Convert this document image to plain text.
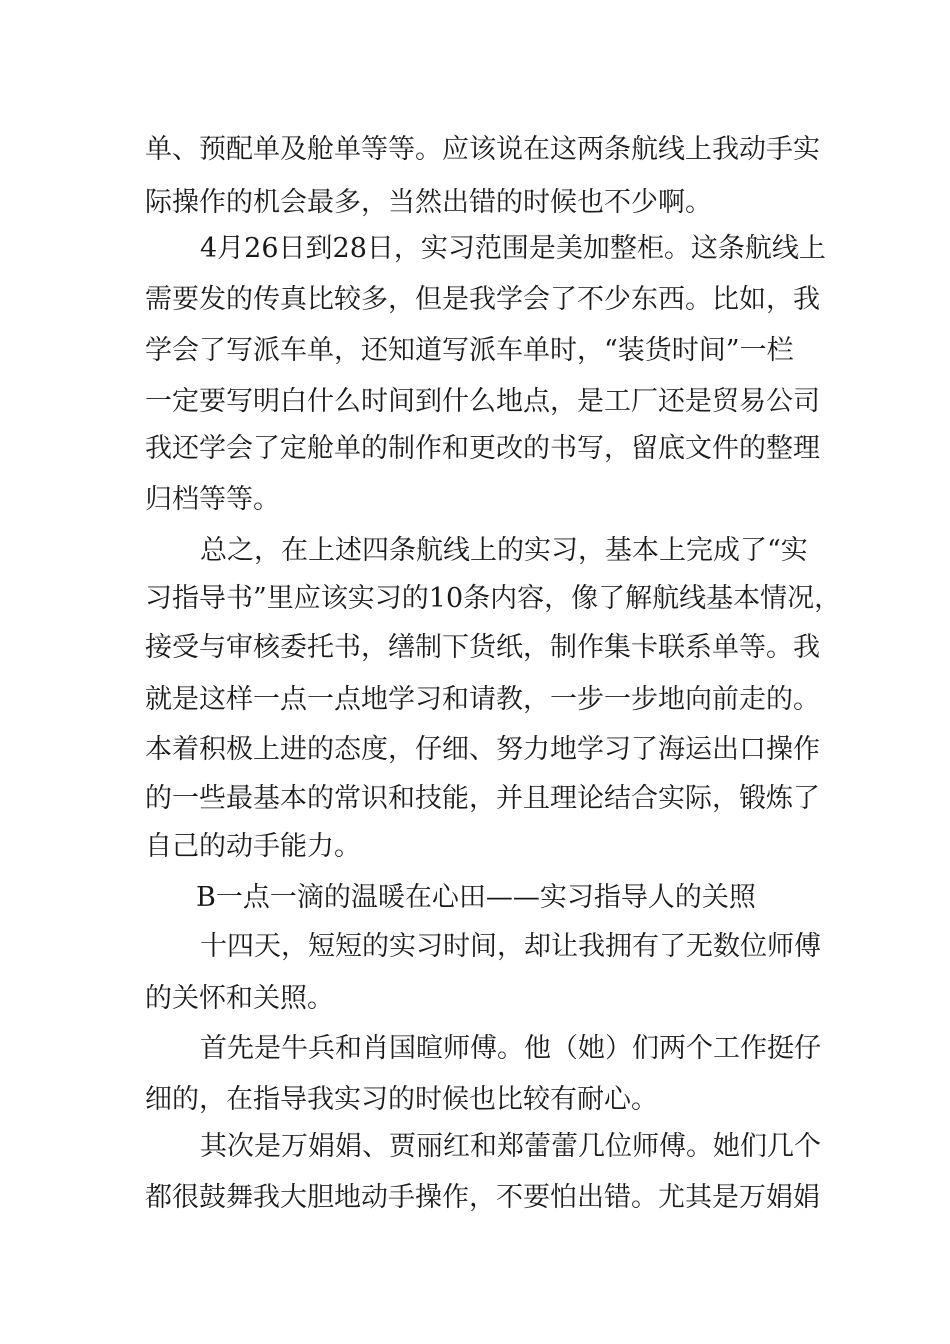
单、预配单及舱单等等。应该说在这两条航线上我动手实
际操作的机会最多，当然出错的时候也不少啊。
4月26日到28日，实习范围是美加整柜。这条航线上
需要发的传真比较多，但是我学会了不少东西。比如，我
学会了写派车单，还知道写派车单时，“装货时间”一栏
一定要写明白什么时间到什么地点，是工厂还是贸易公司
我还学会了定舱单的制作和更改的书写，留底文件的整理
归档等等。
总之，在上述四条航线上的实习，基本上完成了“实
习指导书”里应该实习的10条内容，像了解航线基本情况，
接受与审核委托书，缮制下货纸，制作集卡联系单等。我
就是这样一点一点地学习和请教，一步一步地向前走的。
本着积极上进的态度，仔细、努力地学习了海运出口操作
的一些最基本的常识和技能，并且理论结合实际，锻炼了
自己的动手能力。
B一点一滴的温暖在心田——实习指导人的关照
十四天，短短的实习时间，却让我拥有了无数位师傅
的关怀和关照。
首先是牛兵和肖国暄师傅。他（她）们两个工作挺仔
细的，在指导我实习的时候也比较有耐心。
其次是万娟娟、贾丽红和郑蕾蕾几位师傅。她们几个
都很鼓舞我大胆地动手操作，不要怕出错。尤其是万娟娟
